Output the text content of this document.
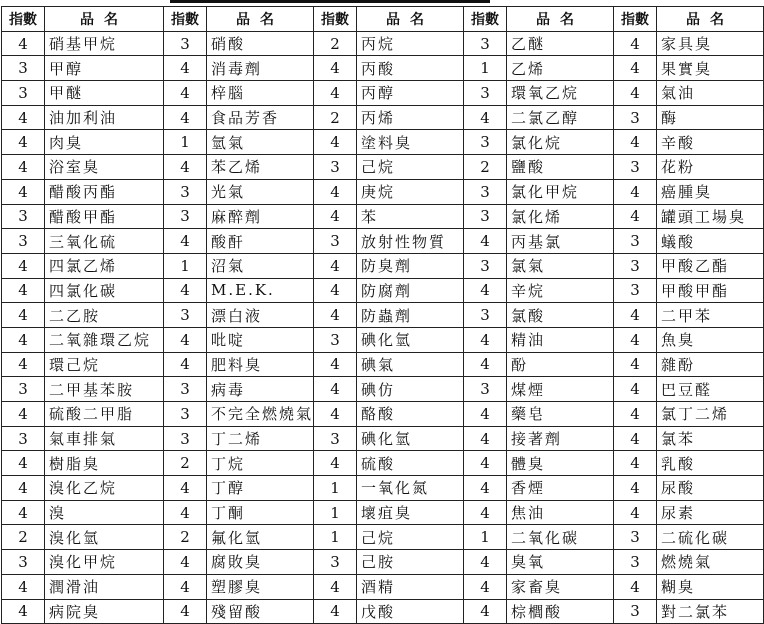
指數	品名	指數	品名	指數	品名	指數	品名	指數	品名
4	硝基甲烷	3	硝酸	2	丙烷	3	乙醚	4	家具臭
3	甲醇	4	消毒劑	4	丙酸	1	乙烯	4	果實臭
3	甲醚	4	梓腦	4	丙醇	3	環氧乙烷	4	氣油
4	油加利油	4	食品芳香	2	丙烯	4	二氯乙醇	3	酶
4	肉臭	1	氫氣	4	塗料臭	3	氯化烷	4	辛酸
4	浴室臭	4	苯乙烯	3	己烷	2	鹽酸	3	花粉
4	醋酸丙酯	3	光氣	4	庚烷	3	氯化甲烷	4	癌腫臭
3	醋酸甲酯	3	麻醉劑	4	苯	3	氯化烯	4	罐頭工場臭
3	三氧化硫	4	酸酐	3	放射性物質	4	丙基氯	3	蟻酸
4	四氯乙烯	1	沼氣	4	防臭劑	3	氯氣	3	甲酸乙酯
4	四氯化碳	4	M.E.K.	4	防腐劑	4	辛烷	3	甲酸甲酯
4	二乙胺	3	漂白液	4	防蟲劑	3	氯酸	4	二甲苯
4	二氧雜環乙烷	4	吡啶	3	碘化氫	4	精油	4	魚臭
4	環己烷	4	肥料臭	4	碘氣	4	酚	4	雜酚
3	二甲基苯胺	3	病毒	4	碘仿	3	煤煙	4	巴豆醛
4	硫酸二甲脂	3	不完全燃燒氣	4	酪酸	4	藥皂	4	氯丁二烯
3	氣車排氣	3	丁二烯	3	碘化氫	4	接著劑	4	氯苯
4	樹脂臭	2	丁烷	4	硫酸	4	體臭	4	乳酸
4	溴化乙烷	4	丁醇	1	一氧化氮	4	香煙	4	尿酸
4	溴	4	丁酮	1	壞疽臭	4	焦油	4	尿素
2	溴化氫	2	氟化氫	1	己烷	1	二氧化碳	3	二硫化碳
3	溴化甲烷	4	腐敗臭	3	己胺	4	臭氧	3	燃燒氣
4	潤滑油	4	塑膠臭	4	酒精	4	家畜臭	4	糊臭
4	病院臭	4	殘留酸	4	戊酸	4	棕櫚酸	3	對二氯苯
